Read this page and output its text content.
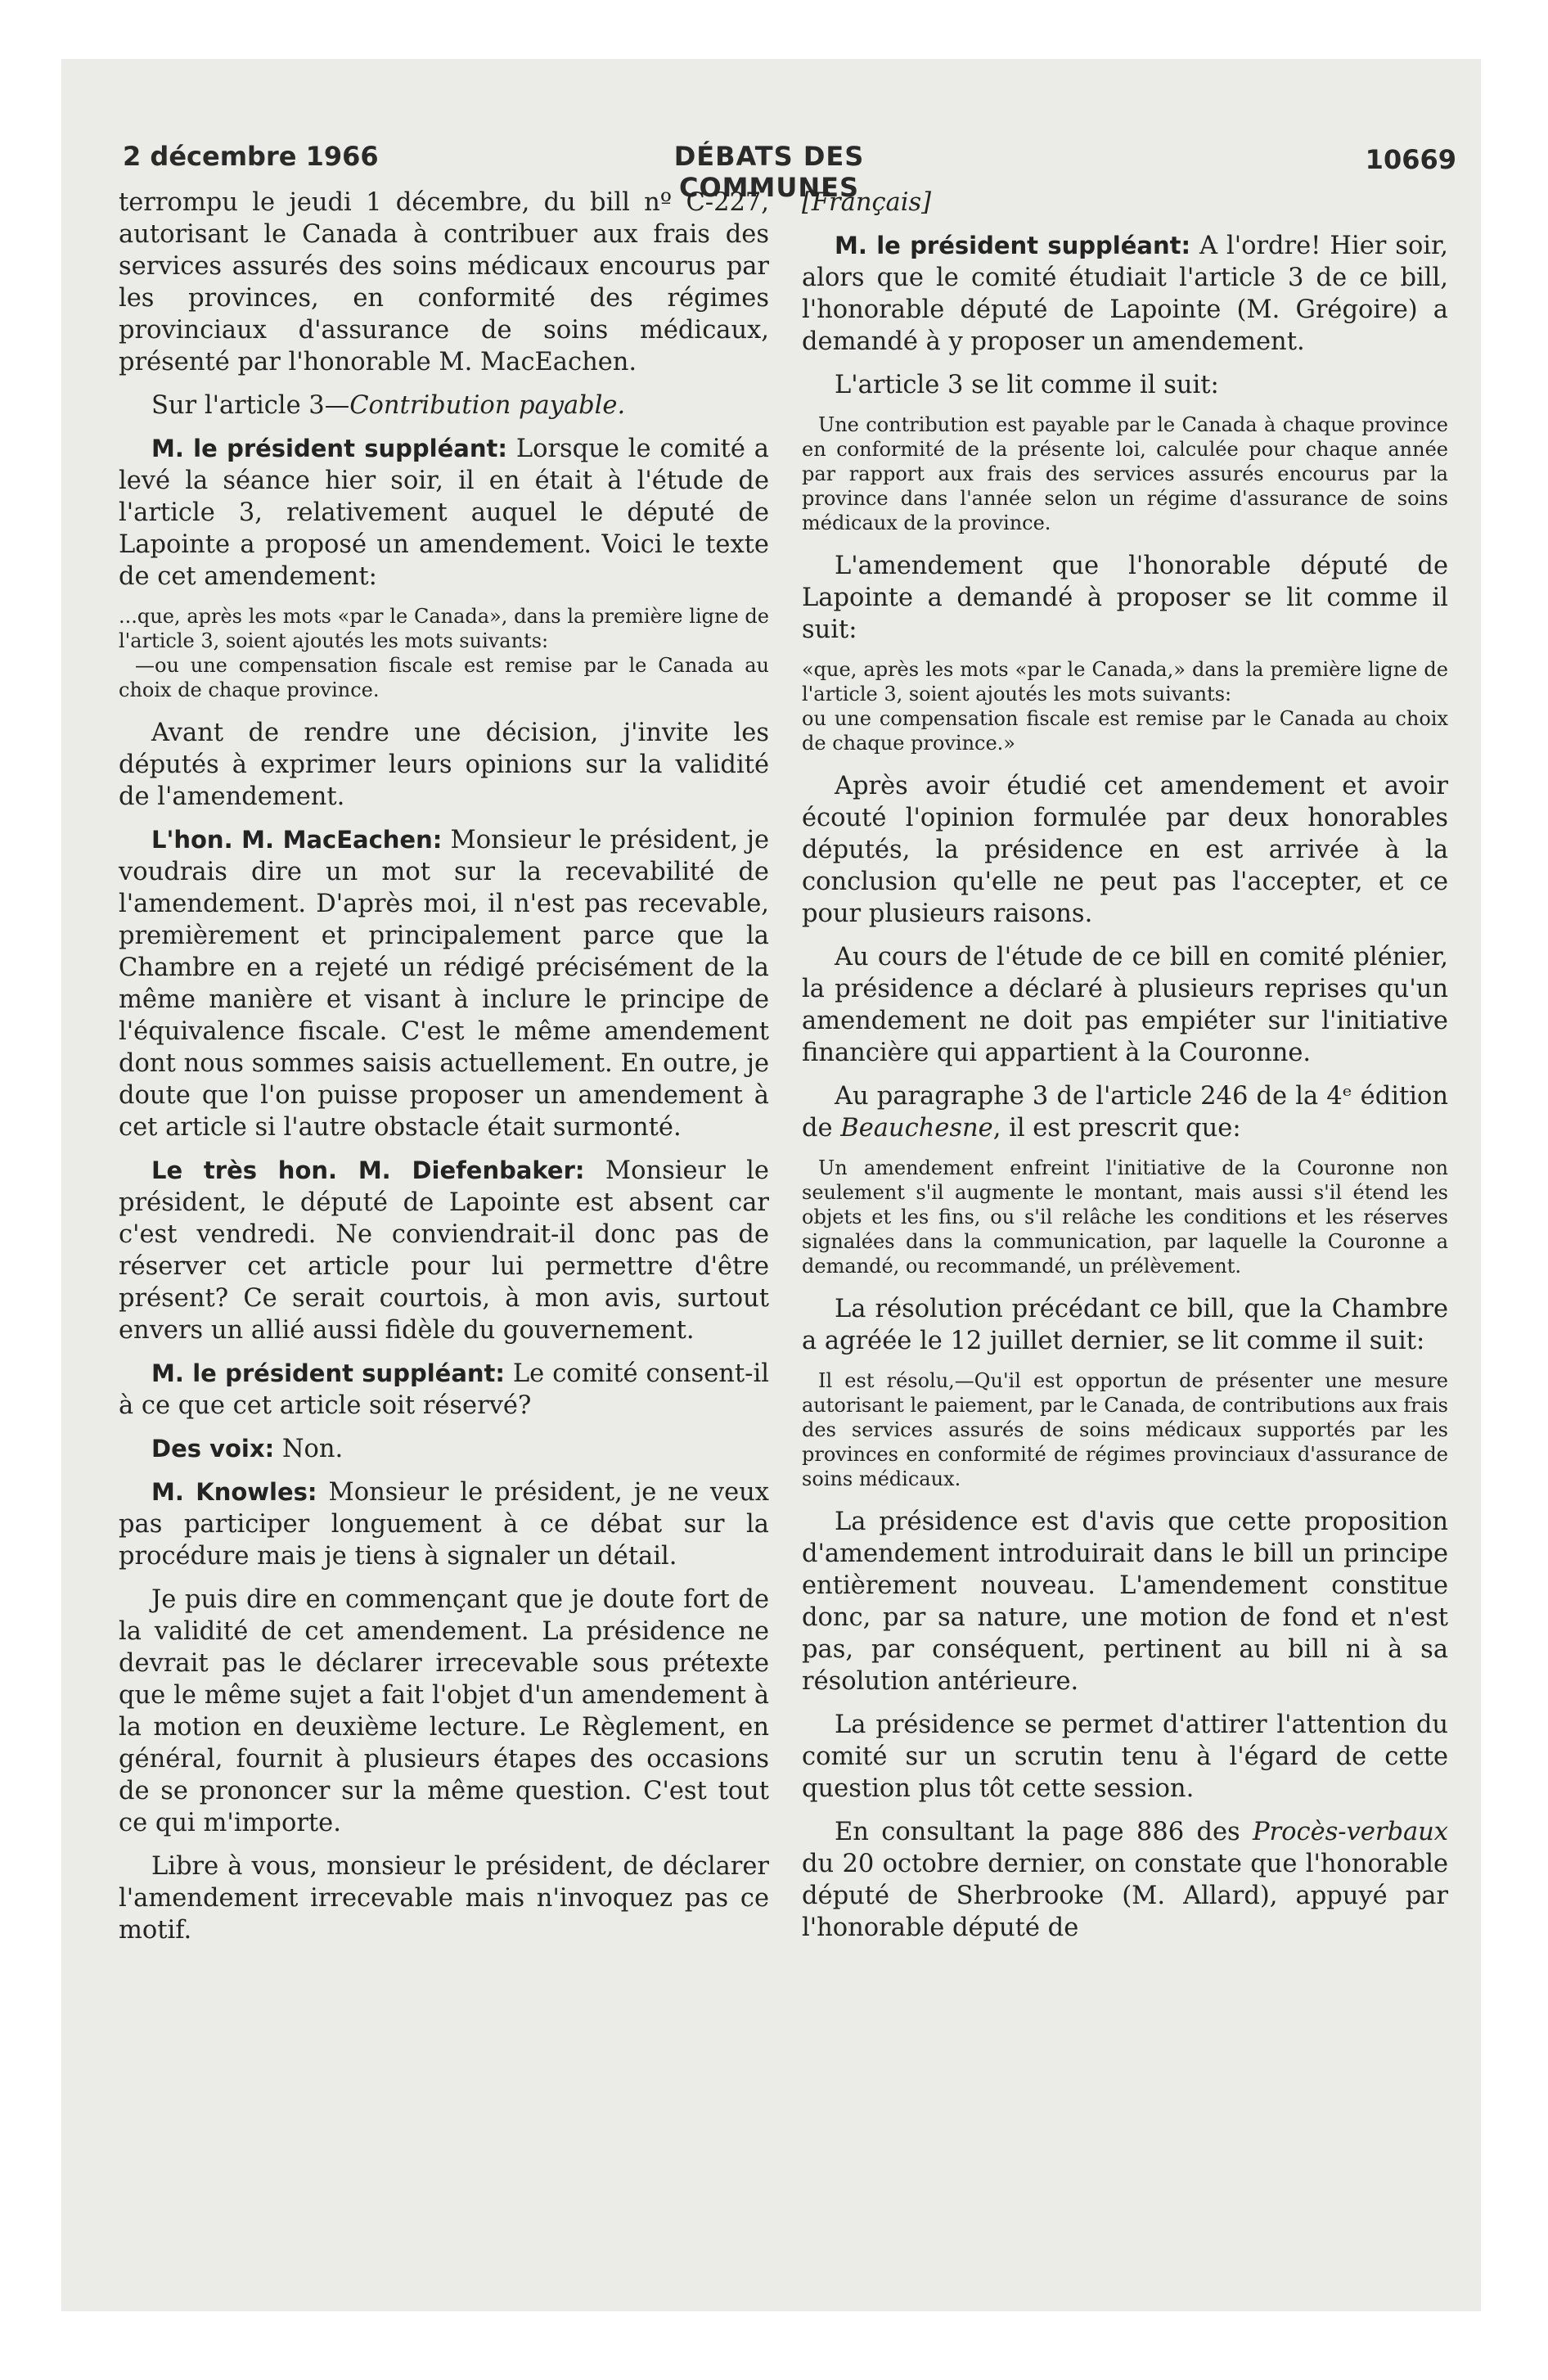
2 décembre 1966	DÉBATS DES COMMUNES
10669

terrompu le jeudi 1 décembre, du bill nº C-227, autorisant le Canada à contribuer aux frais des services assurés des soins médicaux encourus par les provinces, en conformité des régimes provinciaux d'assurance de soins médicaux, présenté par l'honorable M. MacEachen.

Sur l'article 3—Contribution payable.

M. le président suppléant: Lorsque le comité a levé la séance hier soir, il en était à l'étude de l'article 3, relativement auquel le député de Lapointe a proposé un amendement. Voici le texte de cet amendement:

...que, après les mots «par le Canada», dans la première ligne de l'article 3, soient ajoutés les mots suivants:

—ou une compensation fiscale est remise par le Canada au choix de chaque province.

Avant de rendre une décision, j'invite les députés à exprimer leurs opinions sur la validité de l'amendement.

L'hon. M. MacEachen: Monsieur le président, je voudrais dire un mot sur la recevabilité de l'amendement. D'après moi, il n'est pas recevable, premièrement et principalement parce que la Chambre en a rejeté un rédigé précisément de la même manière et visant à inclure le principe de l'équivalence fiscale. C'est le même amendement dont nous sommes saisis actuellement. En outre, je doute que l'on puisse proposer un amendement à cet article si l'autre obstacle était surmonté.

Le très hon. M. Diefenbaker: Monsieur le président, le député de Lapointe est absent car c'est vendredi. Ne conviendrait-il donc pas de réserver cet article pour lui permettre d'être présent? Ce serait courtois, à mon avis, surtout envers un allié aussi fidèle du gouvernement.

M. le président suppléant: Le comité consent-il à ce que cet article soit réservé?

Des voix: Non.

M. Knowles: Monsieur le président, je ne veux pas participer longuement à ce débat sur la procédure mais je tiens à signaler un détail.

Je puis dire en commençant que je doute fort de la validité de cet amendement. La présidence ne devrait pas le déclarer irrecevable sous prétexte que le même sujet a fait l'objet d'un amendement à la motion en deuxième lecture. Le Règlement, en général, fournit à plusieurs étapes des occasions de se prononcer sur la même question. C'est tout ce qui m'importe.

Libre à vous, monsieur le président, de déclarer l'amendement irrecevable mais n'invoquez pas ce motif.

[Français]

M. le président suppléant: A l'ordre! Hier soir, alors que le comité étudiait l'article 3 de ce bill, l'honorable député de Lapointe (M. Grégoire) a demandé à y proposer un amendement.

L'article 3 se lit comme il suit:

Une contribution est payable par le Canada à chaque province en conformité de la présente loi, calculée pour chaque année par rapport aux frais des services assurés encourus par la province dans l'année selon un régime d'assurance de soins médicaux de la province.

L'amendement que l'honorable député de Lapointe a demandé à proposer se lit comme il suit:

«que, après les mots «par le Canada,» dans la première ligne de l'article 3, soient ajoutés les mots suivants:

ou une compensation fiscale est remise par le Canada au choix de chaque province.»

Après avoir étudié cet amendement et avoir écouté l'opinion formulée par deux honorables députés, la présidence en est arrivée à la conclusion qu'elle ne peut pas l'accepter, et ce pour plusieurs raisons.

Au cours de l'étude de ce bill en comité plénier, la présidence a déclaré à plusieurs reprises qu'un amendement ne doit pas empiéter sur l'initiative financière qui appartient à la Couronne.

Au paragraphe 3 de l'article 246 de la 4ᵉ édition de Beauchesne, il est prescrit que:

Un amendement enfreint l'initiative de la Couronne non seulement s'il augmente le montant, mais aussi s'il étend les objets et les fins, ou s'il relâche les conditions et les réserves signalées dans la communication, par laquelle la Couronne a demandé, ou recommandé, un prélèvement.

La résolution précédant ce bill, que la Chambre a agréée le 12 juillet dernier, se lit comme il suit:

Il est résolu,—Qu'il est opportun de présenter une mesure autorisant le paiement, par le Canada, de contributions aux frais des services assurés de soins médicaux supportés par les provinces en conformité de régimes provinciaux d'assurance de soins médicaux.

La présidence est d'avis que cette proposition d'amendement introduirait dans le bill un principe entièrement nouveau. L'amendement constitue donc, par sa nature, une motion de fond et n'est pas, par conséquent, pertinent au bill ni à sa résolution antérieure.

La présidence se permet d'attirer l'attention du comité sur un scrutin tenu à l'égard de cette question plus tôt cette session.

En consultant la page 886 des Procès-verbaux du 20 octobre dernier, on constate que l'honorable député de Sherbrooke (M. Allard), appuyé par l'honorable député de
